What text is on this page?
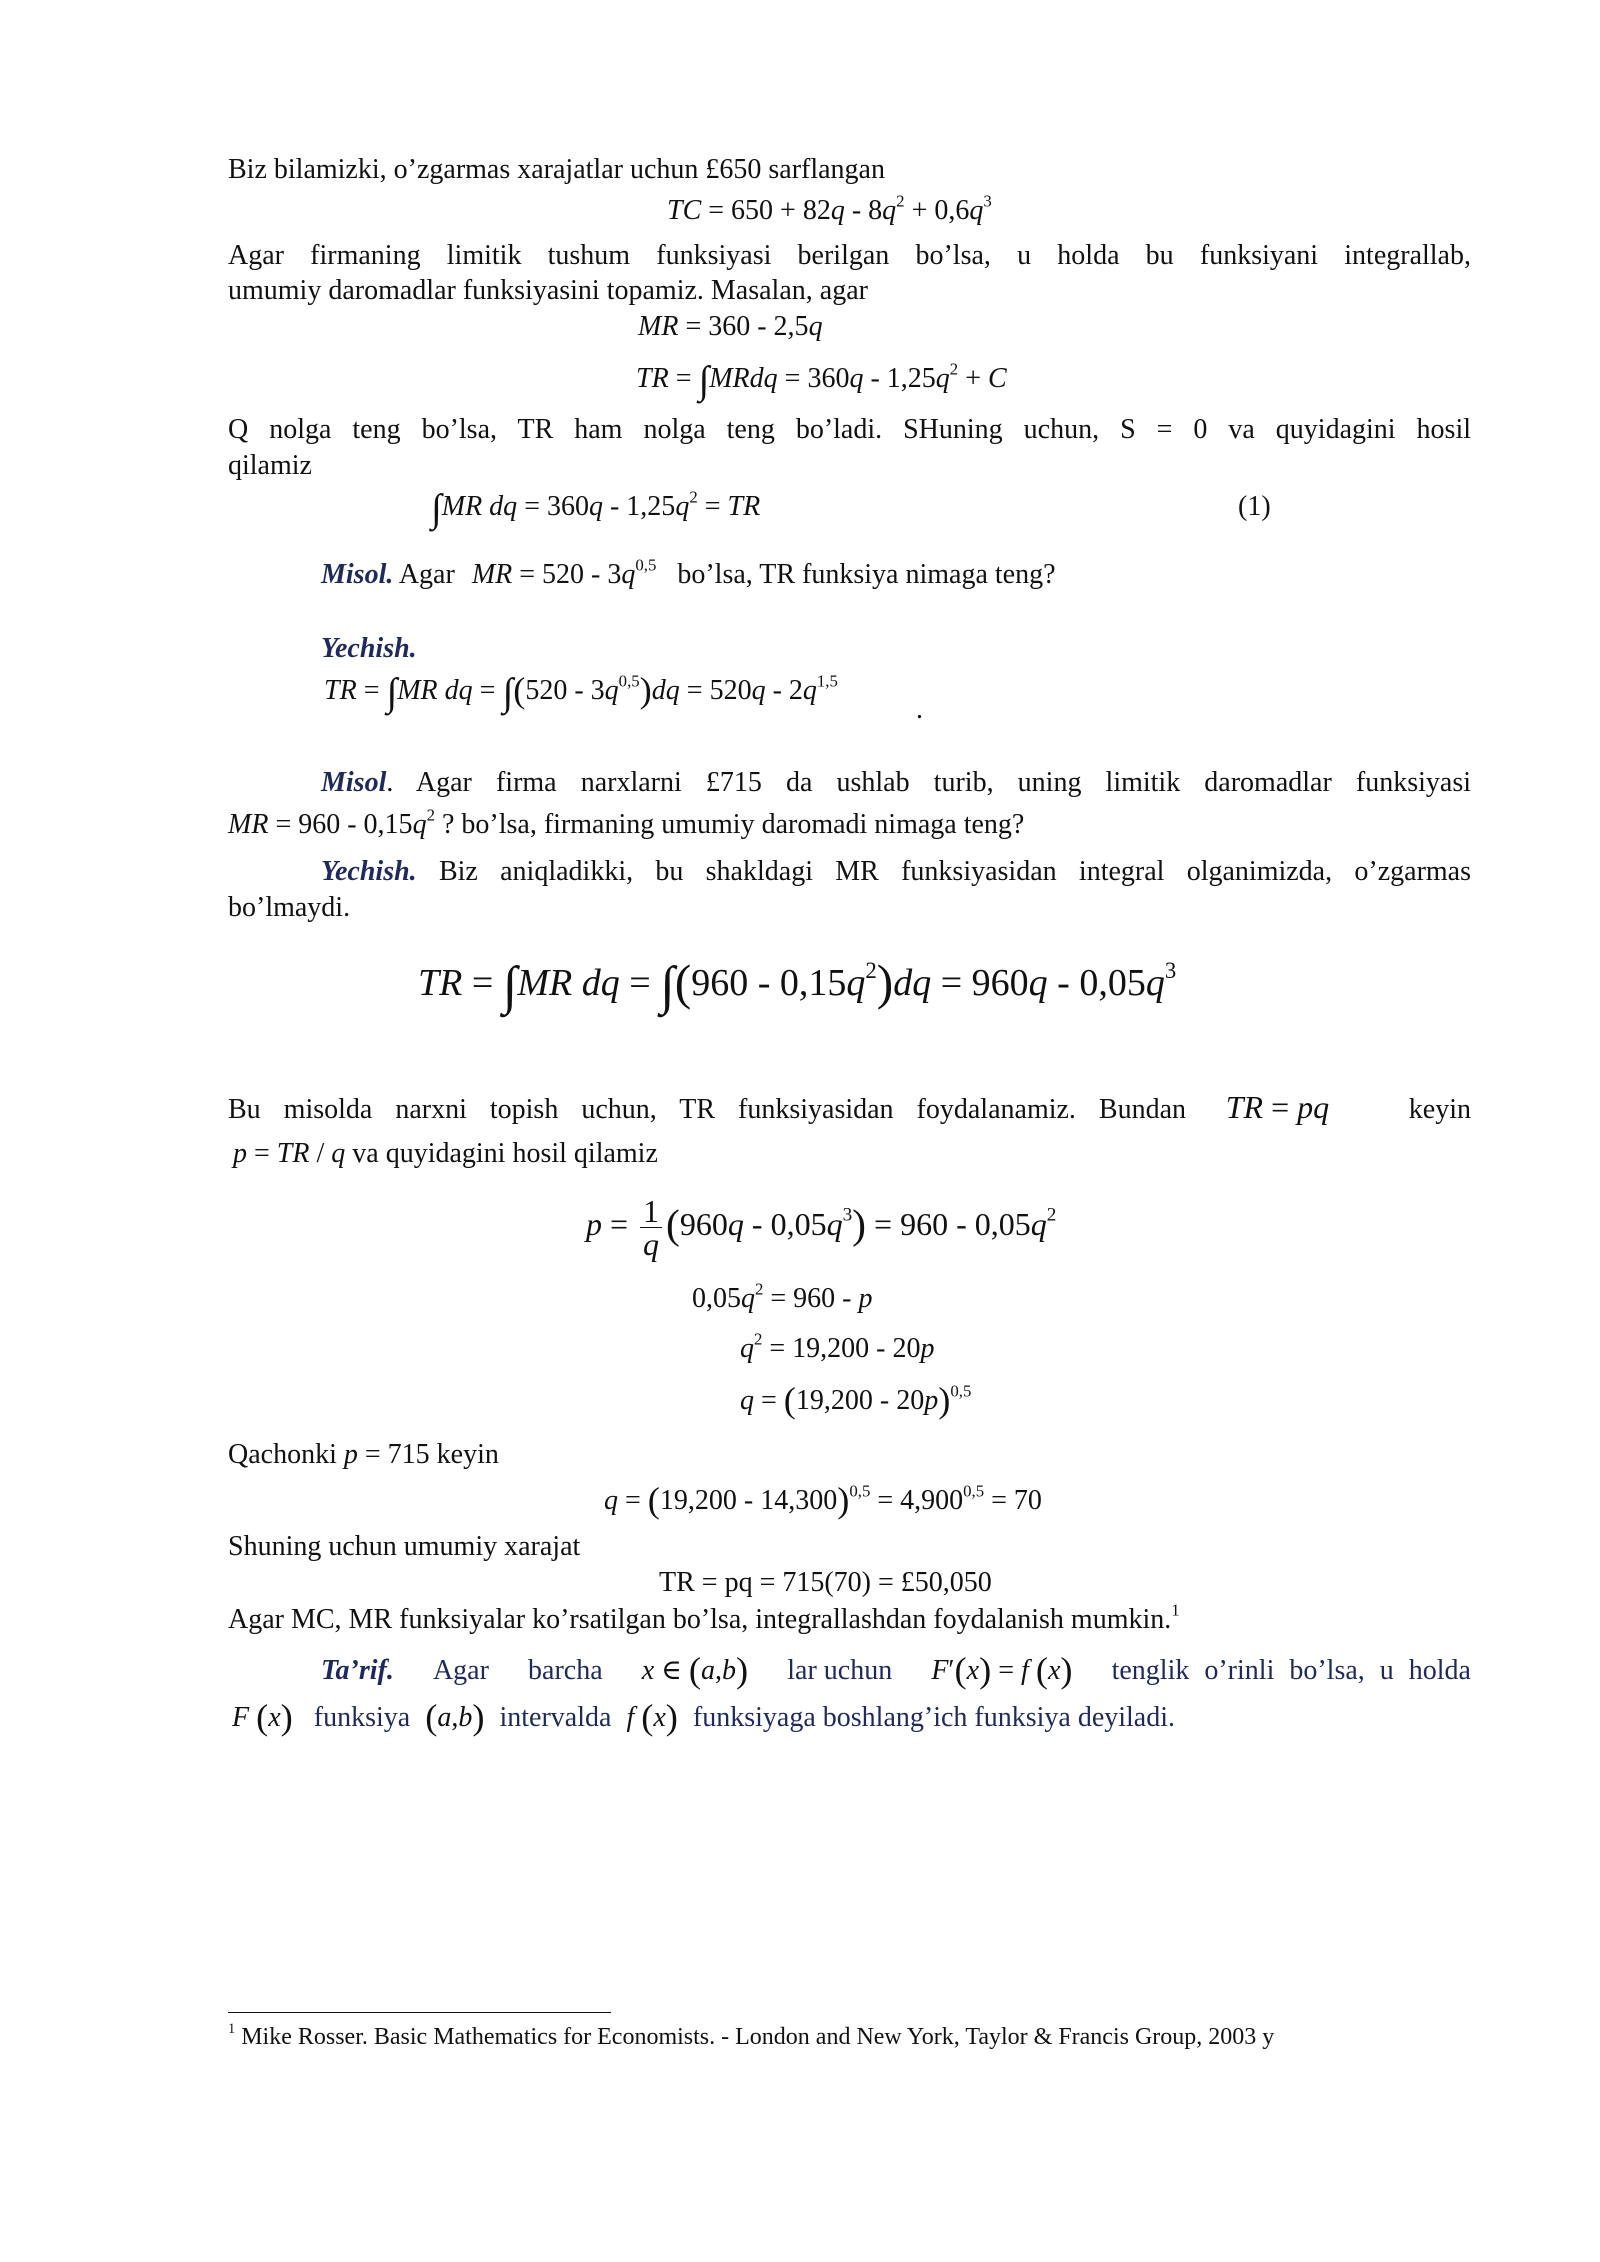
Biz bilamizki, o’zgarmas xarajatlar uchun £650 sarflangan
TC = $650 + 82q - 8q^2 + 0,6q^3$
Agar firmaning limitik tushum funksiyasi berilgan bo’lsa, u holda bu funksiyani integrallab,
umumiy daromadlar funksiyasini topamiz. Masalan, agar
MR = 360 - 2,5q
TR = ∫MRdq = $360q - 1,25q^2 + C$
Q nolga teng bo’lsa, TR ham nolga teng bo’ladi. SHuning uchun, S = 0 va quyidagini hosil
qilamiz
∫MR dq = $360q - 1,25q^2$ = TR	(1)
Misol. Agar MR = $520 - 3q^{0,5}$ bo’lsa, TR funksiya nimaga teng?
Yechish.
TR = ∫MR dq = $\int(520 - 3q^{0,5})dq = 520q - 2q^{1,5}$
.
Misol. Agar firma narxlarni £715 da ushlab turib, uning limitik daromadlar funksiyasi
MR = $960 - 0,15q^2$ ? bo’lsa, firmaning umumiy daromadi nimaga teng?
Yechish. Biz aniqladikki, bu shakldagi MR funksiyasidan integral olganimizda, o’zgarmas
bo’lmaydi.
TR = ∫MR dq = $\int(960 - 0,15q^2)dq = 960q - 0,05q^3$
Bu misolda narxni topish uchun, TR funksiyasidan foydalanamiz. Bundan TR = pq	keyin
p = TR / q va quyidagini hosil qilamiz
$p = \frac{1}{q} (960q - 0,05q^3) = 960 - 0,05q^2$
$0,05q^2 = 960 - p$
$q^2 = 19,200 - 20p$
q = (19,200 - 20p)$^{0,5}$
Qachonki p = 715 keyin
$q = (19,200 - 14,300)^{0,5} = 4,900^{0,5} = 70$
Shuning uchun umumiy xarajat
TR = pq = 715(70) = £50,050
Agar MC, MR funksiyalar ko’rsatilgan bo’lsa, integrallashdan foydalanish mumkin.$^1$
Ta’rif. Agar barcha x ∈ (a,b) lar uchun F′(x) = f (x) tenglik o’rinli bo’lsa, u holda
F (x) funksiya (a,b) intervalda f (x) funksiyaga boshlang’ich funksiya deyiladi.
$^1$ Mike Rosser. Basic Mathematics for Economists. - London and New York, Taylor & Francis Group, 2003 y
